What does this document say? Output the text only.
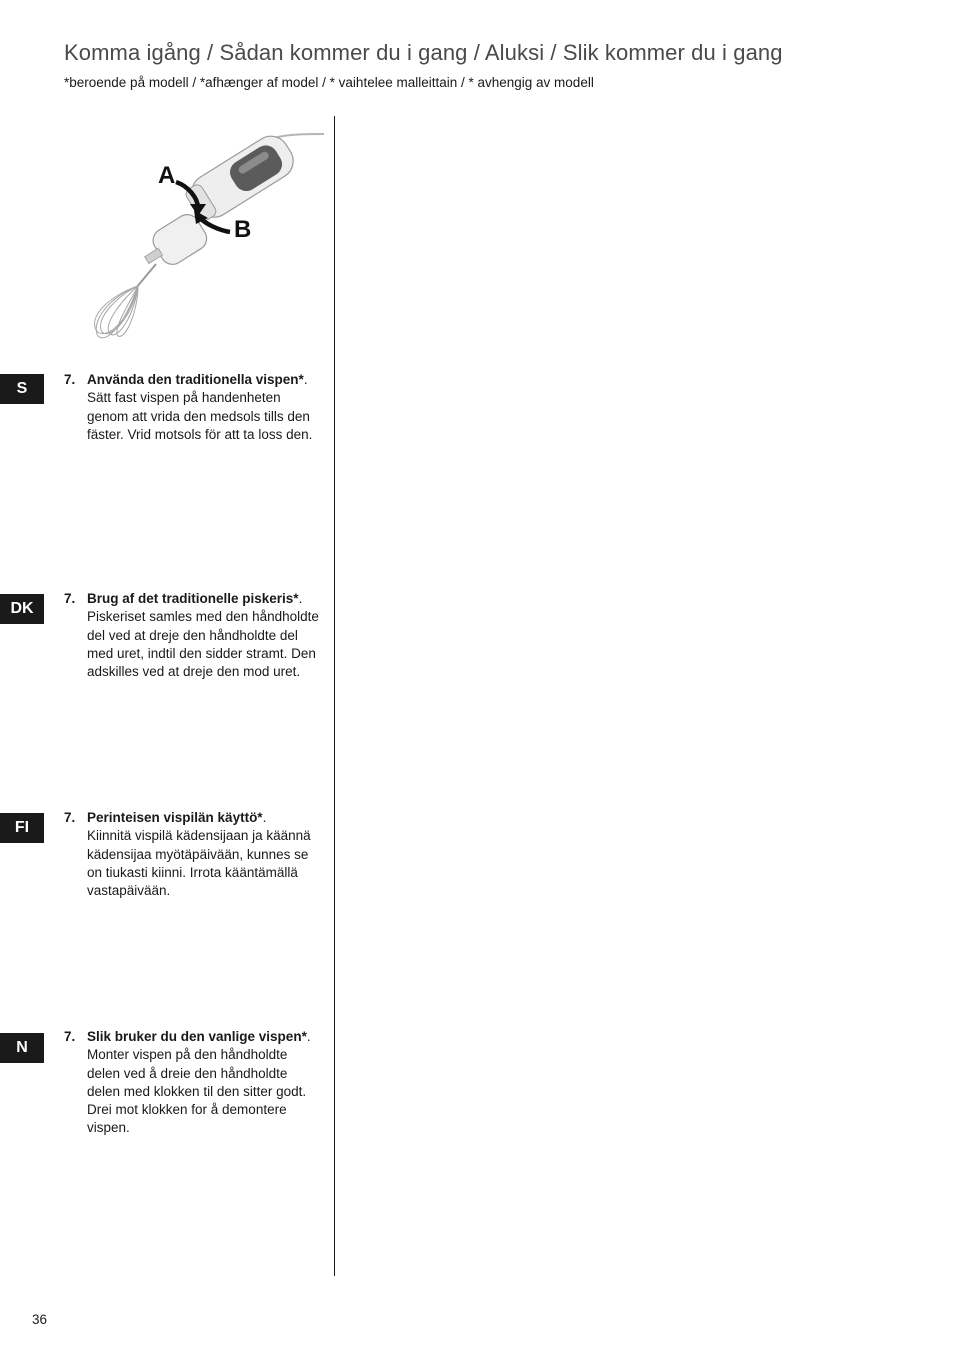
Komma igång / Sådan kommer du i gang / Aluksi / Slik kommer du i gang
*beroende på modell / *afhænger af model / * vaihtelee malleittain / * avhengig av modell
A
B
S
7. Använda den traditionella vispen*.
Sätt fast vispen på handenheten genom att vrida den medsols tills den fäster. Vrid motsols för att ta loss den.
DK
7. Brug af det traditionelle piskeris*.
Piskeriset samles med den håndholdte del ved at dreje den håndholdte del med uret, indtil den sidder stramt. Den adskilles ved at dreje den mod uret.
FI
7. Perinteisen vispilän käyttö*.
Kiinnitä vispilä kädensijaan ja käännä kädensijaa myötäpäivään, kunnes se on tiukasti kiinni. Irrota kääntämällä vastapäivään.
N
7. Slik bruker du den vanlige vispen*.
Monter vispen på den håndholdte delen ved å dreie den håndholdte delen med klokken til den sitter godt. Drei mot klokken for å demontere vispen.
36
